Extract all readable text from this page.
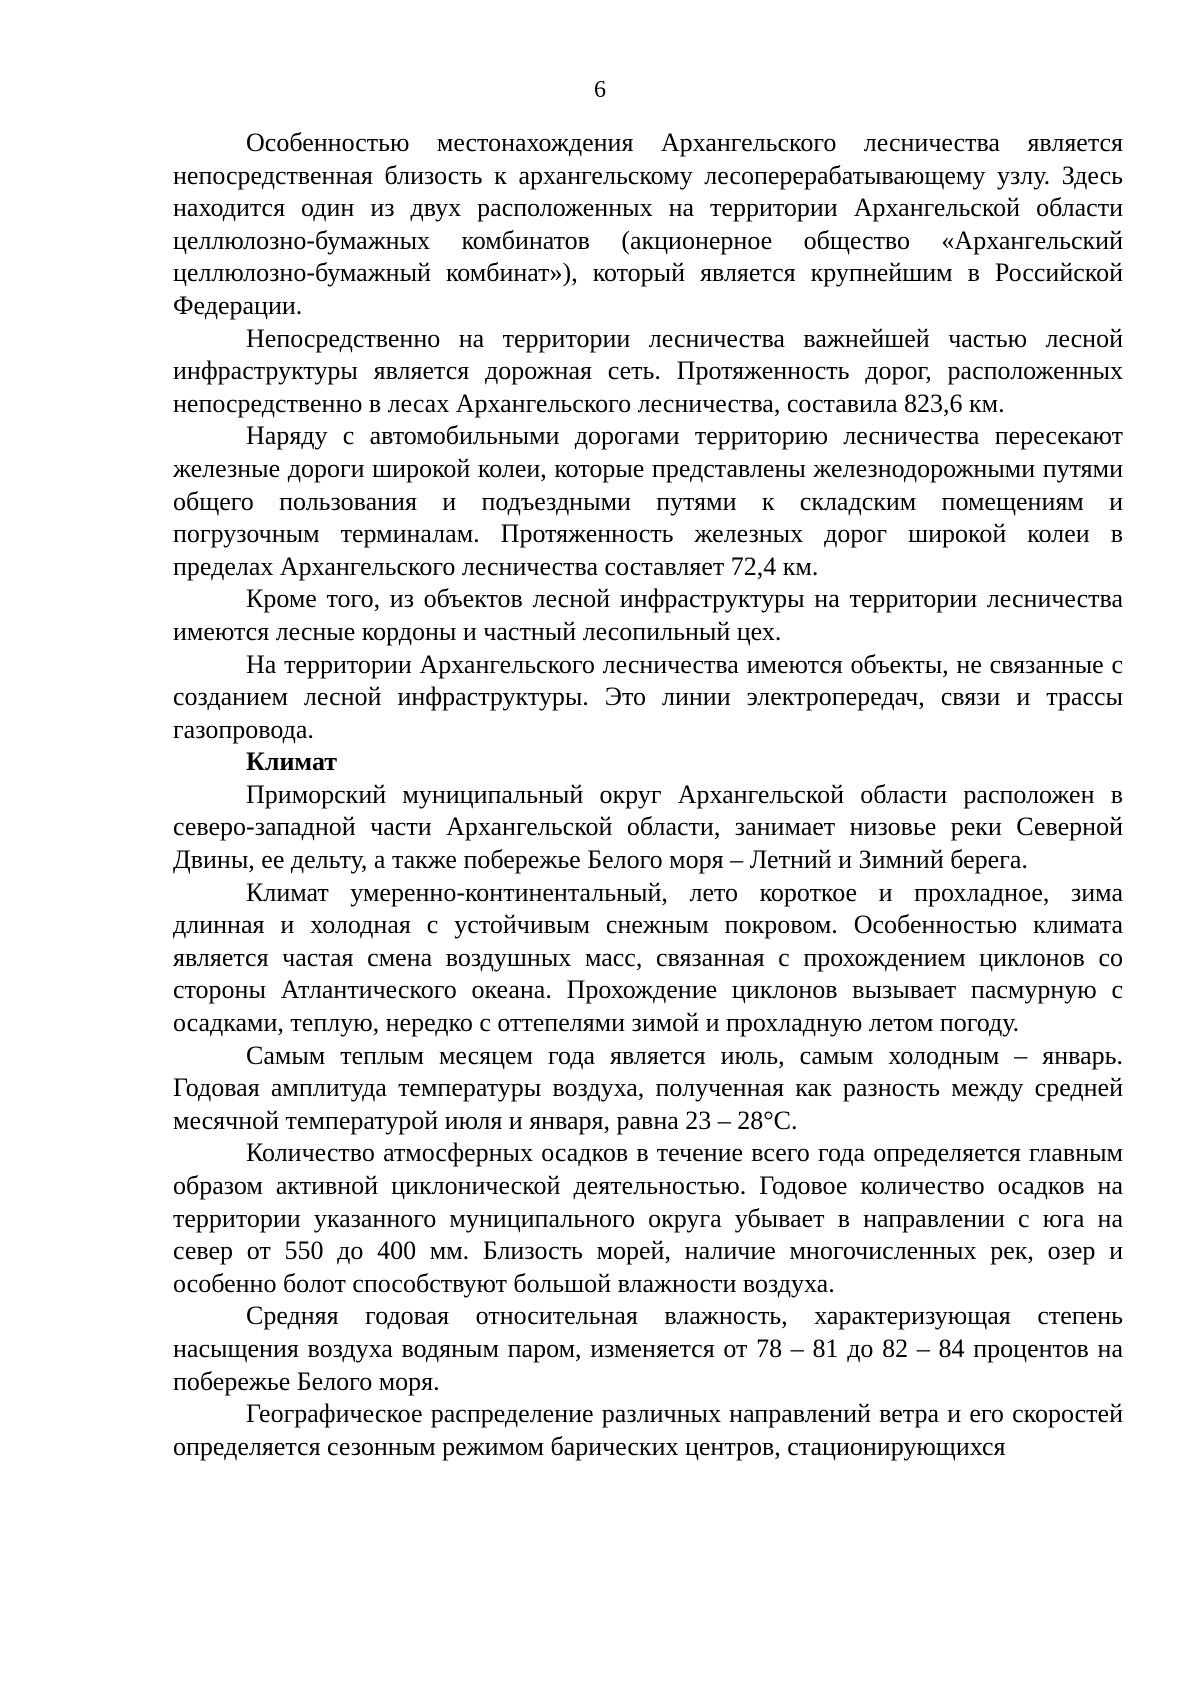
6

Особенностью местонахождения Архангельского лесничества является непосредственная близость к архангельскому лесоперерабатывающему узлу. Здесь находится один из двух расположенных на территории Архангельской области целлюлозно-бумажных комбинатов (акционерное общество «Архангельский целлюлозно-бумажный комбинат»), который является крупнейшим в Российской Федерации.

Непосредственно на территории лесничества важнейшей частью лесной инфраструктуры является дорожная сеть. Протяженность дорог, расположенных непосредственно в лесах Архангельского лесничества, составила 823,6 км.

Наряду с автомобильными дорогами территорию лесничества пересекают железные дороги широкой колеи, которые представлены железнодорожными путями общего пользования и подъездными путями к складским помещениям и погрузочным терминалам. Протяженность железных дорог широкой колеи в пределах Архангельского лесничества составляет 72,4 км.

Кроме того, из объектов лесной инфраструктуры на территории лесничества имеются лесные кордоны и частный лесопильный цех.

На территории Архангельского лесничества имеются объекты, не связанные с созданием лесной инфраструктуры. Это линии электропередач, связи и трассы газопровода.

Климат

Приморский муниципальный округ Архангельской области расположен в северо-западной части Архангельской области, занимает низовье реки Северной Двины, ее дельту, а также побережье Белого моря – Летний и Зимний берега.

Климат умеренно-континентальный, лето короткое и прохладное, зима длинная и холодная с устойчивым снежным покровом. Особенностью климата является частая смена воздушных масс, связанная с прохождением циклонов со стороны Атлантического океана. Прохождение циклонов вызывает пасмурную с осадками, теплую, нередко с оттепелями зимой и прохладную летом погоду.

Самым теплым месяцем года является июль, самым холодным – январь. Годовая амплитуда температуры воздуха, полученная как разность между средней месячной температурой июля и января, равна 23 – 28°С.

Количество атмосферных осадков в течение всего года определяется главным образом активной циклонической деятельностью. Годовое количество осадков на территории указанного муниципального округа убывает в направлении с юга на север от 550 до 400 мм. Близость морей, наличие многочисленных рек, озер и особенно болот способствуют большой влажности воздуха.

Средняя годовая относительная влажность, характеризующая степень насыщения воздуха водяным паром, изменяется от 78 – 81 до 82 – 84 процентов на побережье Белого моря.

Географическое распределение различных направлений ветра и его скоростей определяется сезонным режимом барических центров, стационирующихся
